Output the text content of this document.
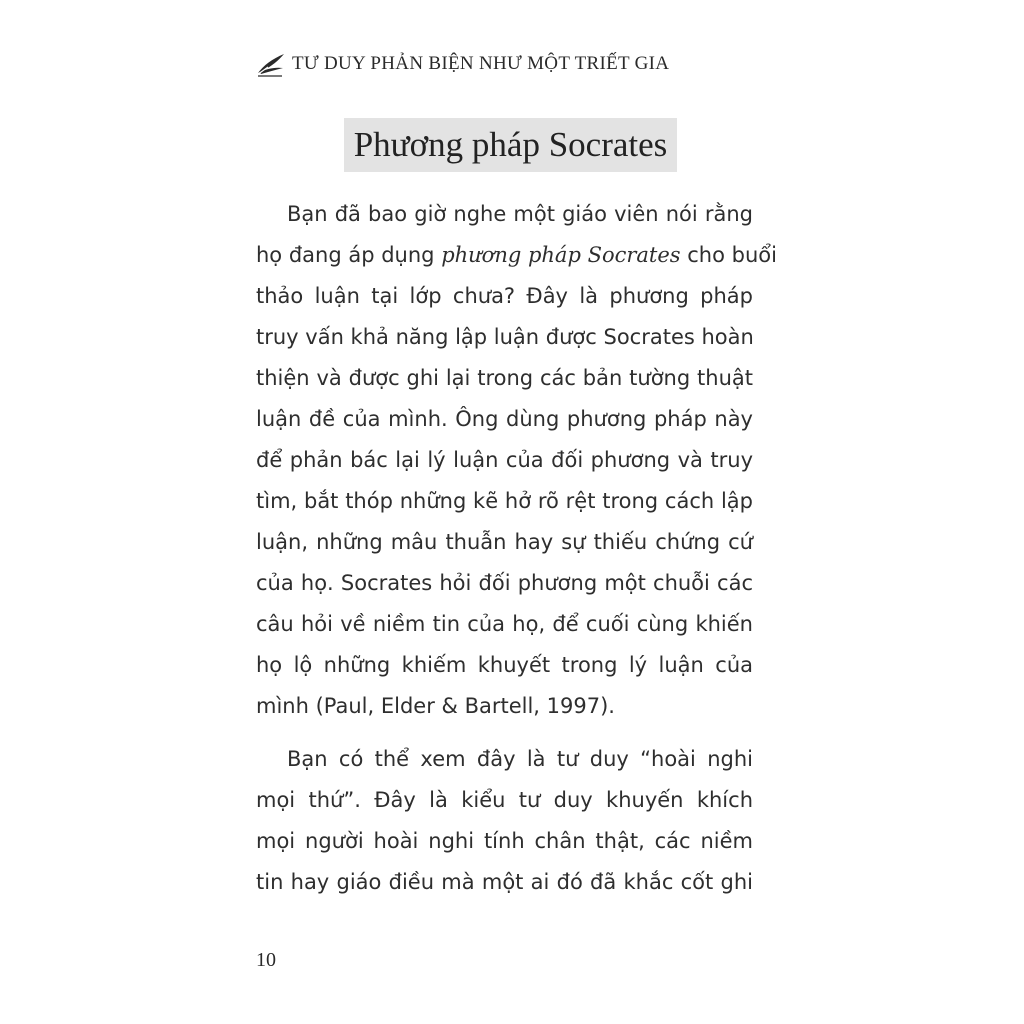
TƯ DUY PHẢN BIỆN NHƯ MỘT TRIẾT GIA
Phương pháp Socrates
Bạn đã bao giờ nghe một giáo viên nói rằng
họ đang áp dụng phương pháp Socrates cho buổi
thảo luận tại lớp chưa? Đây là phương pháp
truy vấn khả năng lập luận được Socrates hoàn
thiện và được ghi lại trong các bản tường thuật
luận đề của mình. Ông dùng phương pháp này
để phản bác lại lý luận của đối phương và truy
tìm, bắt thóp những kẽ hở rõ rệt trong cách lập
luận, những mâu thuẫn hay sự thiếu chứng cứ
của họ. Socrates hỏi đối phương một chuỗi các
câu hỏi về niềm tin của họ, để cuối cùng khiến
họ lộ những khiếm khuyết trong lý luận của
mình (Paul, Elder & Bartell, 1997).
Bạn có thể xem đây là tư duy “hoài nghi
mọi thứ”. Đây là kiểu tư duy khuyến khích
mọi người hoài nghi tính chân thật, các niềm
tin hay giáo điều mà một ai đó đã khắc cốt ghi
10
